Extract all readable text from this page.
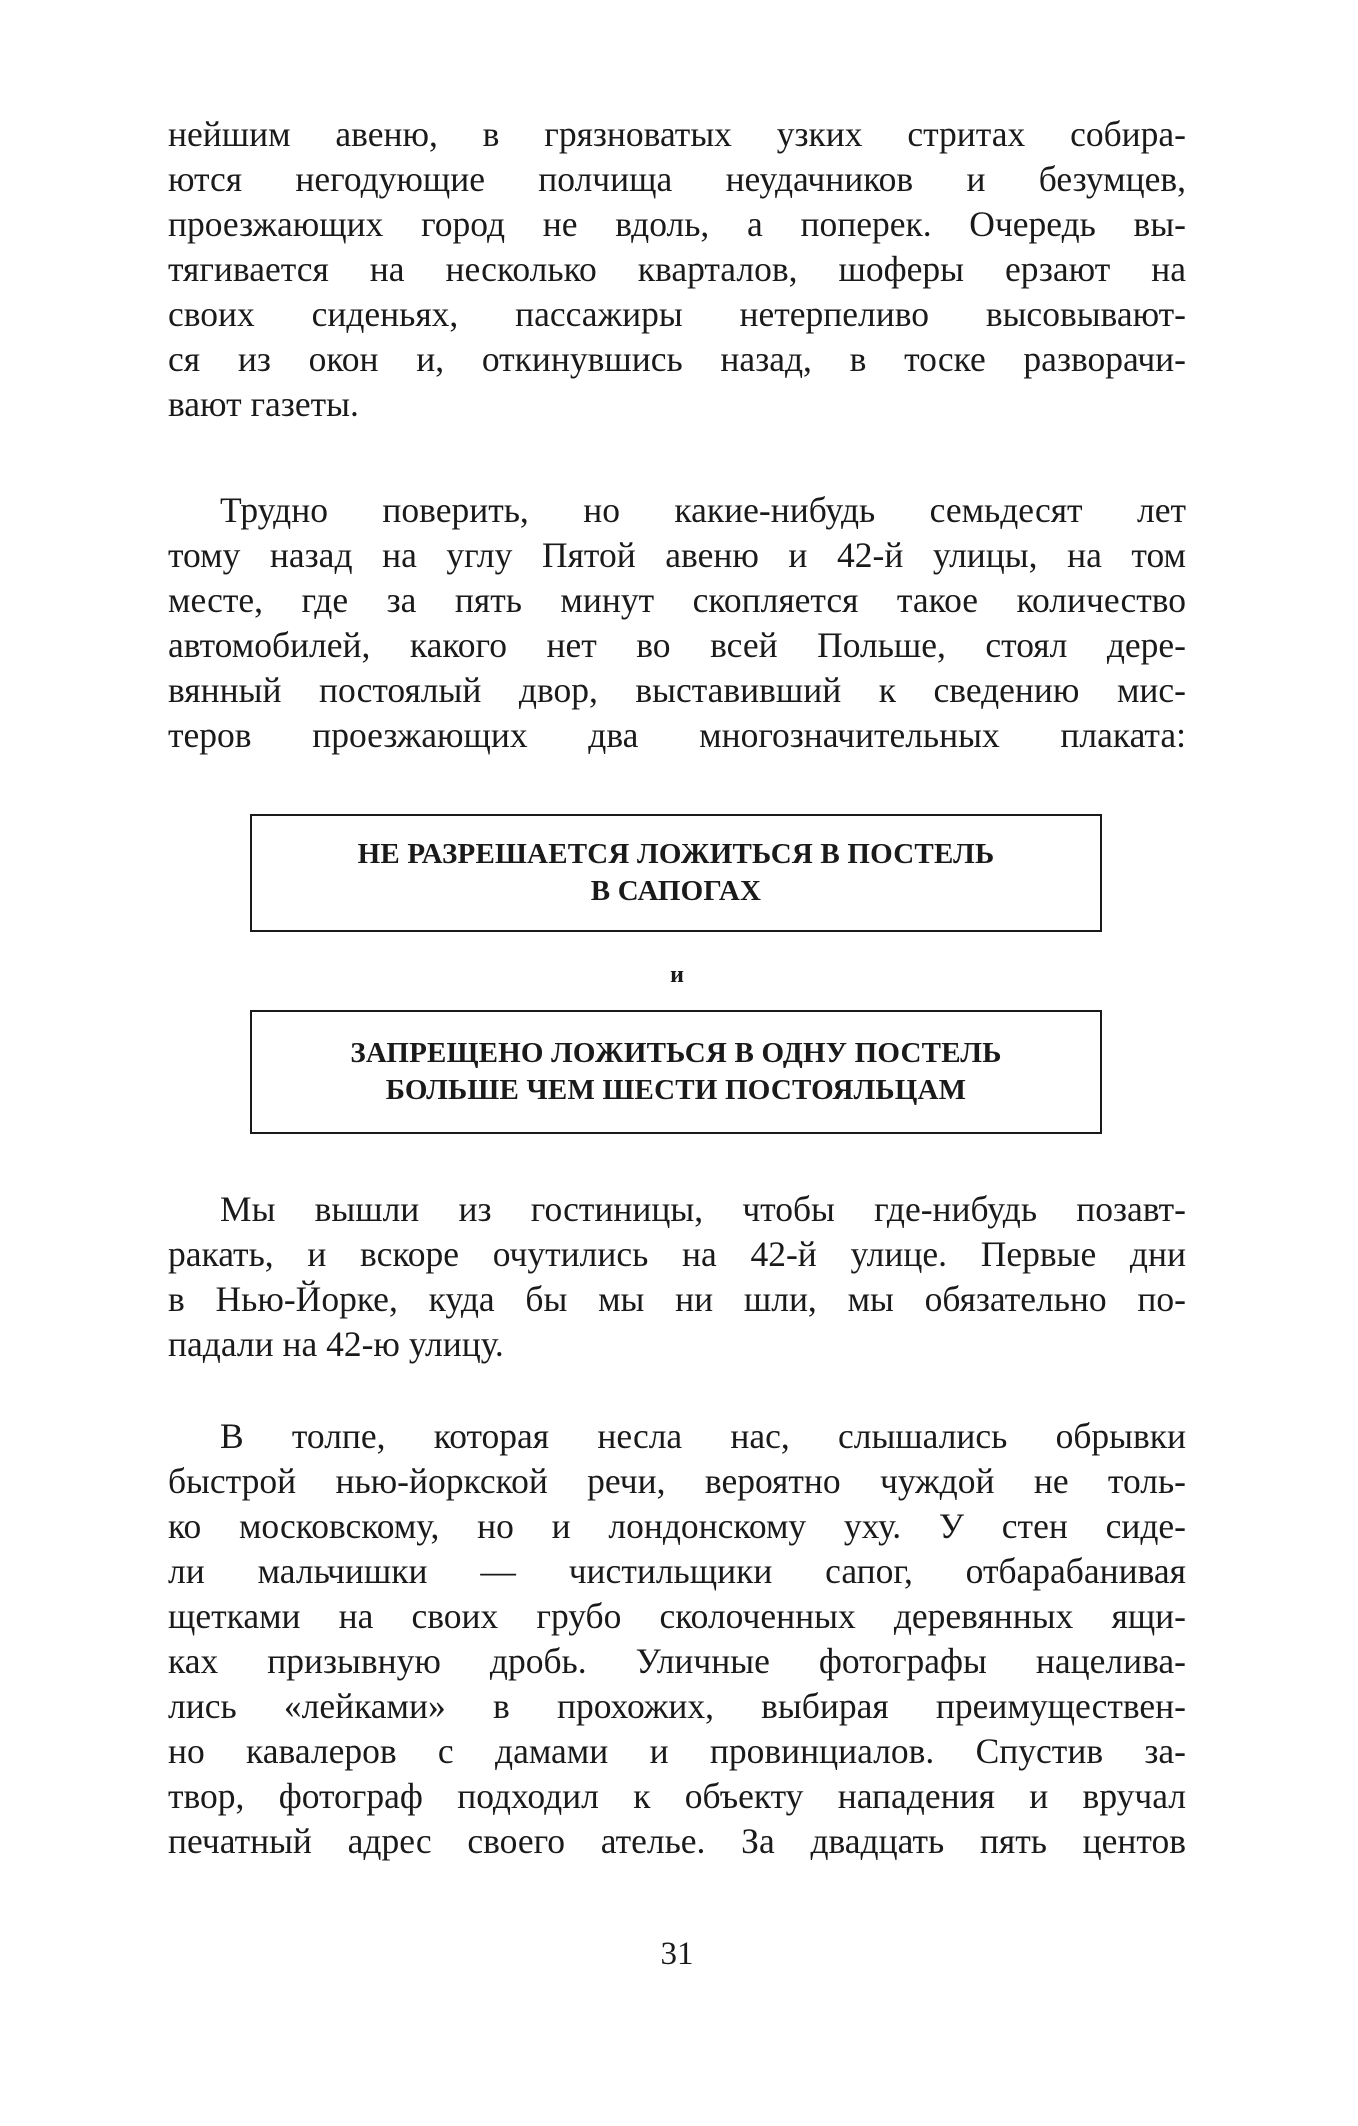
нейшим авеню, в грязноватых узких стритах собира-
ются негодующие полчища неудачников и безумцев,
проезжающих город не вдоль, а поперек. Очередь вы-
тягивается на несколько кварталов, шоферы ерзают на
своих сиденьях, пассажиры нетерпеливо высовывают-
ся из окон и, откинувшись назад, в тоске разворачи-
вают газеты.
Трудно поверить, но какие-нибудь семьдесят лет
тому назад на углу Пятой авеню и 42-й улицы, на том
месте, где за пять минут скопляется такое количество
автомобилей, какого нет во всей Польше, стоял дере-
вянный постоялый двор, выставивший к сведению мис-
теров проезжающих два многозначительных плаката:
НЕ РАЗРЕШАЕТСЯ ЛОЖИТЬСЯ В ПОСТЕЛЬ
В САПОГАХ
и
ЗАПРЕЩЕНО ЛОЖИТЬСЯ В ОДНУ ПОСТЕЛЬ
БОЛЬШЕ ЧЕМ ШЕСТИ ПОСТОЯЛЬЦАМ
Мы вышли из гостиницы, чтобы где-нибудь позавт-
ракать, и вскоре очутились на 42-й улице. Первые дни
в Нью-Йорке, куда бы мы ни шли, мы обязательно по-
падали на 42-ю улицу.
В толпе, которая несла нас, слышались обрывки
быстрой нью-йоркской речи, вероятно чуждой не толь-
ко московскому, но и лондонскому уху. У стен сиде-
ли мальчишки — чистильщики сапог, отбарабанивая
щетками на своих грубо сколоченных деревянных ящи-
ках призывную дробь. Уличные фотографы нацелива-
лись «лейками» в прохожих, выбирая преимуществен-
но кавалеров с дамами и провинциалов. Спустив за-
твор, фотограф подходил к объекту нападения и вручал
печатный адрес своего ателье. За двадцать пять центов
31
